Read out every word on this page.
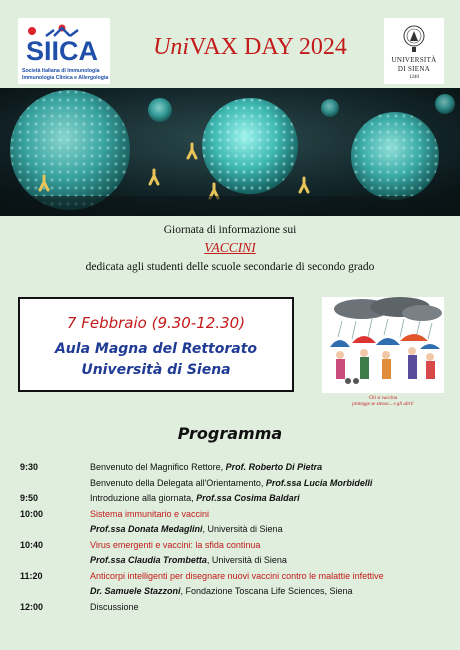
SIICA
Società Italiana di Immunologia
Immunologia Clinica e Allergologia
UniVAX DAY 2024	UNIVERSITÀ
DI SIENA
1240
Giornata di informazione sui
VACCINI
dedicata agli studenti delle scuole secondarie di secondo grado
7 Febbraio (9.30-12.30)
Aula Magna del Rettorato
Università di Siena
Chi si vaccina
protegge se stesso... e gli altri!
Programma
9:30	Benvenuto del Magnifico Rettore, Prof. Roberto Di Pietra
Benvenuto della Delegata all'Orientamento, Prof.ssa Lucia Morbidelli
9:50	Introduzione alla giornata, Prof.ssa Cosima Baldari
10:00	Sistema immunitario e vaccini
Prof.ssa Donata Medaglini, Università di Siena
10:40	Virus emergenti e vaccini: la sfida continua
Prof.ssa Claudia Trombetta, Università di Siena
11:20	Anticorpi intelligenti per disegnare nuovi vaccini contro le malattie infettive
Dr. Samuele Stazzoni, Fondazione Toscana Life Sciences, Siena
12:00	Discussione
